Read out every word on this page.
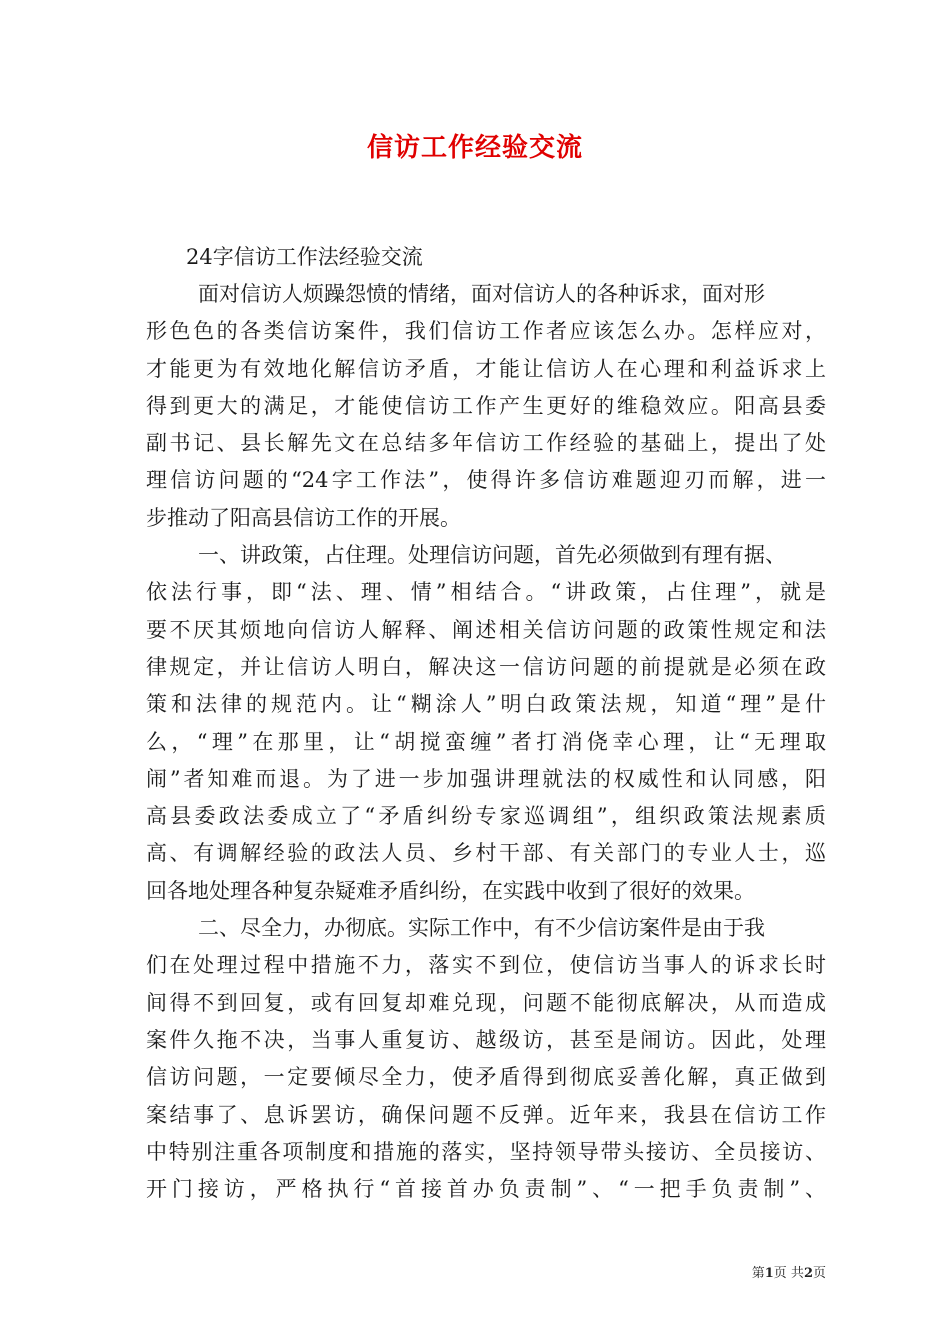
信访工作经验交流
24字信访工作法经验交流
面对信访人烦躁怨愤的情绪，面对信访人的各种诉求，面对形
形色色的各类信访案件，我们信访工作者应该怎么办。怎样应对，
才能更为有效地化解信访矛盾，才能让信访人在心理和利益诉求上
得到更大的满足，才能使信访工作产生更好的维稳效应。阳高县委
副书记、县长解先文在总结多年信访工作经验的基础上，提出了处
理信访问题的“24字工作法”，使得许多信访难题迎刃而解，进一
步推动了阳高县信访工作的开展。
一、讲政策，占住理。处理信访问题，首先必须做到有理有据、
依法行事，即“法、理、情”相结合。“讲政策，占住理”，就是
要不厌其烦地向信访人解释、阐述相关信访问题的政策性规定和法
律规定，并让信访人明白，解决这一信访问题的前提就是必须在政
策和法律的规范内。让“糊涂人”明白政策法规，知道“理”是什
么，“理”在那里，让“胡搅蛮缠”者打消侥幸心理，让“无理取
闹”者知难而退。为了进一步加强讲理就法的权威性和认同感，阳
高县委政法委成立了“矛盾纠纷专家巡调组”，组织政策法规素质
高、有调解经验的政法人员、乡村干部、有关部门的专业人士，巡
回各地处理各种复杂疑难矛盾纠纷，在实践中收到了很好的效果。
二、尽全力，办彻底。实际工作中，有不少信访案件是由于我
们在处理过程中措施不力，落实不到位，使信访当事人的诉求长时
间得不到回复，或有回复却难兑现，问题不能彻底解决，从而造成
案件久拖不决，当事人重复访、越级访，甚至是闹访。因此，处理
信访问题，一定要倾尽全力，使矛盾得到彻底妥善化解，真正做到
案结事了、息诉罢访，确保问题不反弹。近年来，我县在信访工作
中特别注重各项制度和措施的落实，坚持领导带头接访、全员接访、
开门接访，严格执行“首接首办负责制”、“一把手负责制”、
第1页 共2页
